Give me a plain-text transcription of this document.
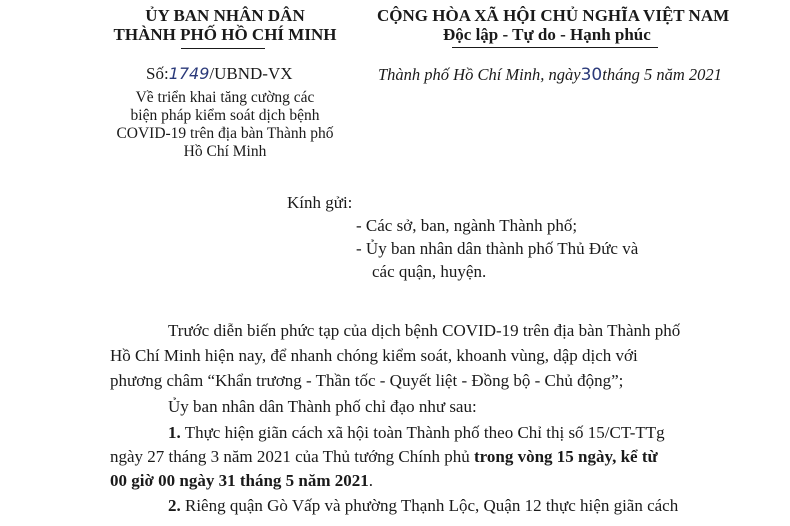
ỦY BAN NHÂN DÂN
THÀNH PHỐ HỒ CHÍ MINH
Số:1749/UBND-VX
Về triển khai tăng cường các
biện pháp kiểm soát dịch bệnh
COVID-19 trên địa bàn Thành phố
Hồ Chí Minh
CỘNG HÒA XÃ HỘI CHỦ NGHĨA VIỆT NAM
Độc lập - Tự do - Hạnh phúc
Thành phố Hồ Chí Minh, ngày30tháng 5 năm 2021
Kính gửi:
- Các sở, ban, ngành Thành phố;
- Ủy ban nhân dân thành phố Thủ Đức và
các quận, huyện.
Trước diễn biến phức tạp của dịch bệnh COVID-19 trên địa bàn Thành phố
Hồ Chí Minh hiện nay, để nhanh chóng kiểm soát, khoanh vùng, dập dịch với
phương châm “Khẩn trương - Thần tốc - Quyết liệt - Đồng bộ - Chủ động”;
Ủy ban nhân dân Thành phố chỉ đạo như sau:
1. Thực hiện giãn cách xã hội toàn Thành phố theo Chỉ thị số 15/CT-TTg
ngày 27 tháng 3 năm 2021 của Thủ tướng Chính phủ trong vòng 15 ngày, kể từ
00 giờ 00 ngày 31 tháng 5 năm 2021.
2. Riêng quận Gò Vấp và phường Thạnh Lộc, Quận 12 thực hiện giãn cách
